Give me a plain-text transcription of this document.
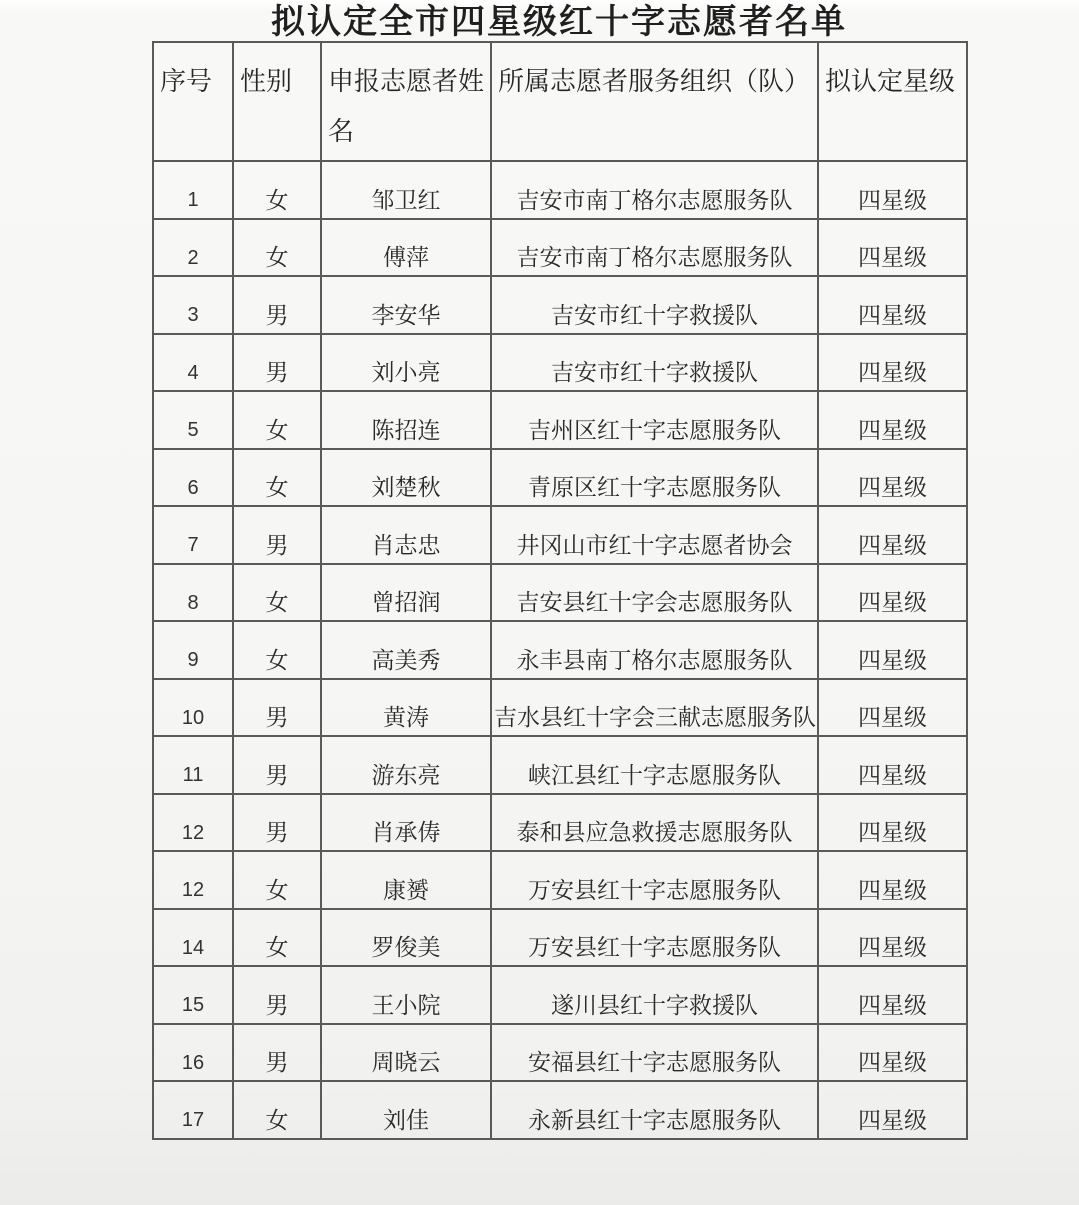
拟认定全市四星级红十字志愿者名单
序号	性别	申报志愿者姓名	所属志愿者服务组织（队）	拟认定星级
1	女	邹卫红	吉安市南丁格尔志愿服务队	四星级
2	女	傅萍	吉安市南丁格尔志愿服务队	四星级
3	男	李安华	吉安市红十字救援队	四星级
4	男	刘小亮	吉安市红十字救援队	四星级
5	女	陈招连	吉州区红十字志愿服务队	四星级
6	女	刘楚秋	青原区红十字志愿服务队	四星级
7	男	肖志忠	井冈山市红十字志愿者协会	四星级
8	女	曾招润	吉安县红十字会志愿服务队	四星级
9	女	高美秀	永丰县南丁格尔志愿服务队	四星级
10	男	黄涛	吉水县红十字会三献志愿服务队	四星级
11	男	游东亮	峡江县红十字志愿服务队	四星级
12	男	肖承俦	泰和县应急救援志愿服务队	四星级
12	女	康赟	万安县红十字志愿服务队	四星级
14	女	罗俊美	万安县红十字志愿服务队	四星级
15	男	王小院	遂川县红十字救援队	四星级
16	男	周晓云	安福县红十字志愿服务队	四星级
17	女	刘佳	永新县红十字志愿服务队	四星级
